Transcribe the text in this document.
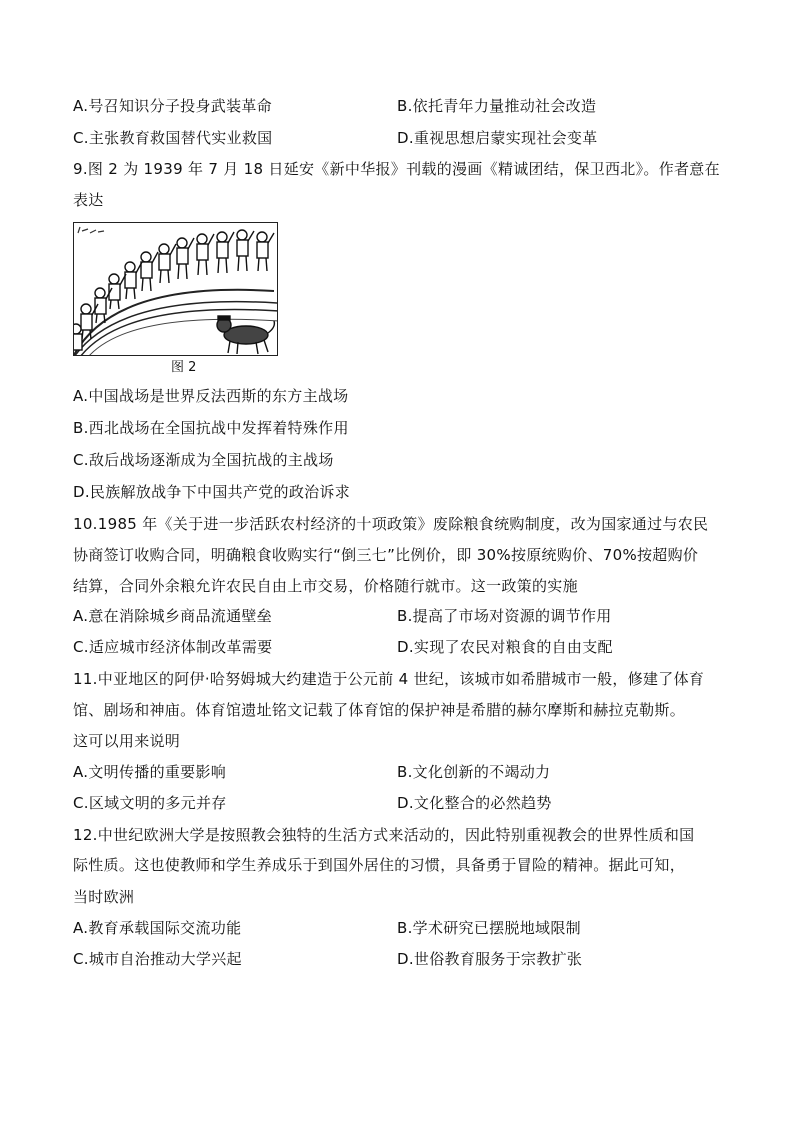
A.号召知识分子投身武装革命	B.依托青年力量推动社会改造
C.主张教育救国替代实业救国	D.重视思想启蒙实现社会变革
9.图 2 为 1939 年 7 月 18 日延安《新中华报》刊载的漫画《精诚团结，保卫西北》。作者意在
表达
图 2
A.中国战场是世界反法西斯的东方主战场
B.西北战场在全国抗战中发挥着特殊作用
C.敌后战场逐渐成为全国抗战的主战场
D.民族解放战争下中国共产党的政治诉求
10.1985 年《关于进一步活跃农村经济的十项政策》废除粮食统购制度，改为国家通过与农民
协商签订收购合同，明确粮食收购实行“倒三七”比例价，即 30%按原统购价、70%按超购价
结算，合同外余粮允许农民自由上市交易，价格随行就市。这一政策的实施
A.意在消除城乡商品流通壁垒	B.提高了市场对资源的调节作用
C.适应城市经济体制改革需要	D.实现了农民对粮食的自由支配
11.中亚地区的阿伊·哈努姆城大约建造于公元前 4 世纪，该城市如希腊城市一般，修建了体育
馆、剧场和神庙。体育馆遗址铭文记载了体育馆的保护神是希腊的赫尔摩斯和赫拉克勒斯。
这可以用来说明
A.文明传播的重要影响	B.文化创新的不竭动力
C.区域文明的多元并存	D.文化整合的必然趋势
12.中世纪欧洲大学是按照教会独特的生活方式来活动的，因此特别重视教会的世界性质和国
际性质。这也使教师和学生养成乐于到国外居住的习惯，具备勇于冒险的精神。据此可知，
当时欧洲
A.教育承载国际交流功能	B.学术研究已摆脱地域限制
C.城市自治推动大学兴起	D.世俗教育服务于宗教扩张
